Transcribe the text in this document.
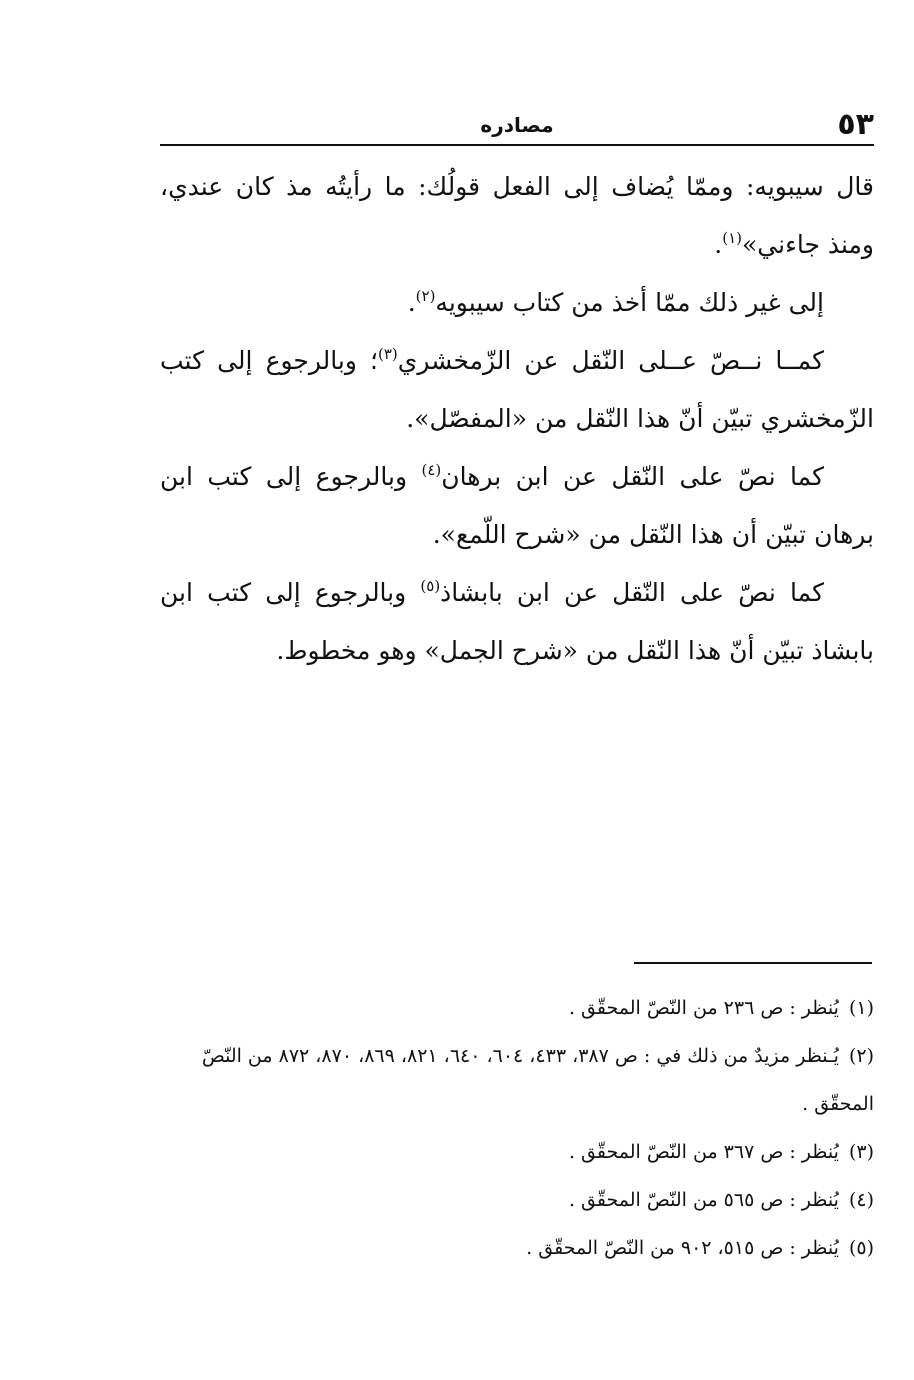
٥٣
مصادره

قال سيبويه: وممّا يُضاف إلى الفعل قولُك: ما رأيتُه مذ كان عندي، ومنذ جاءني»$^{(١)}$.

إلى غير ذلك ممّا أخذ من كتاب سيبويه$^{(٢)}$.

كمــا نــصّ عــلى النّقل عن الزّمخشري$^{(٣)}$؛ وبالرجوع إلى كتب الزّمخشري تبيّن أنّ هذا النّقل من «المفصّل».

كما نصّ على النّقل عن ابن برهان$^{(٤)}$ وبالرجوع إلى كتب ابن برهان تبيّن أن هذا النّقل من «شرح اللّمع».

كما نصّ على النّقل عن ابن بابشاذ$^{(٥)}$ وبالرجوع إلى كتب ابن بابشاذ تبيّن أنّ هذا النّقل من «شرح الجمل» وهو مخطوط.

(١) يُنظر : ص ٢٣٦ من النّصّ المحقّق .

(٢) يُـنظر مزيدٌ من ذلك في : ص ٣٨٧، ٤٣٣، ٦٠٤، ٦٤٠، ٨٢١، ٨٦٩، ٨٧٠، ٨٧٢ من النّصّ المحقّق .

(٣) يُنظر : ص ٣٦٧ من النّصّ المحقّق .

(٤) يُنظر : ص ٥٦٥ من النّصّ المحقّق .

(٥) يُنظر : ص ٥١٥، ٩٠٢ من النّصّ المحقّق .
